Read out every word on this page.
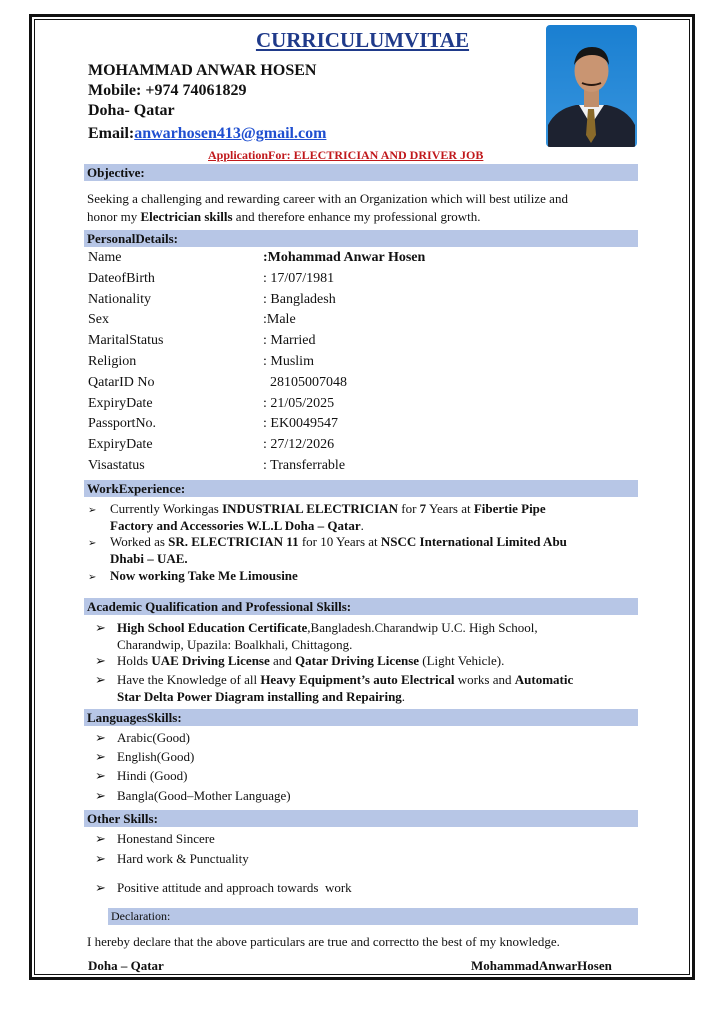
CURRICULUMVITAE
MOHAMMAD ANWAR HOSEN
Mobile: +974 74061829
Doha- Qatar
Email:anwarhosen413@gmail.com
ApplicationFor: ELECTRICIAN AND DRIVER JOB
Objective:
Seeking a challenging and rewarding career with an Organization which will best utilize and
honor my Electrician skills and therefore enhance my professional growth.
PersonalDetails:
Name	:Mohammad Anwar Hosen
DateofBirth	: 17/07/1981
Nationality	: Bangladesh
Sex	:Male
MaritalStatus	: Married
Religion	: Muslim
QatarID No	28105007048
ExpiryDate	: 21/05/2025
PassportNo.	: EK0049547
ExpiryDate	: 27/12/2026
Visastatus	: Transferrable
WorkExperience:
➢ Currently Workingas INDUSTRIAL ELECTRICIAN for 7 Years at Fibertie Pipe
Factory and Accessories W.L.L Doha – Qatar.
➢ Worked as SR. ELECTRICIAN 11 for 10 Years at NSCC International Limited Abu
Dhabi – UAE.
➢ Now working Take Me Limousine
Academic Qualification and Professional Skills:
➢ High School Education Certificate,Bangladesh.Charandwip U.C. High School,
Charandwip, Upazila: Boalkhali, Chittagong.
➢ Holds UAE Driving License and Qatar Driving License (Light Vehicle).
➢ Have the Knowledge of all Heavy Equipment’s auto Electrical works and Automatic
Star Delta Power Diagram installing and Repairing.
LanguagesSkills:
➢ Arabic(Good)
➢ English(Good)
➢ Hindi (Good)
➢ Bangla(Good–Mother Language)
Other Skills:
➢ Honestand Sincere
➢ Hard work & Punctuality
➢ Positive attitude and approach towards  work
Declaration:
I hereby declare that the above particulars are true and correctto the best of my knowledge.
Doha – Qatar	MohammadAnwarHosen
